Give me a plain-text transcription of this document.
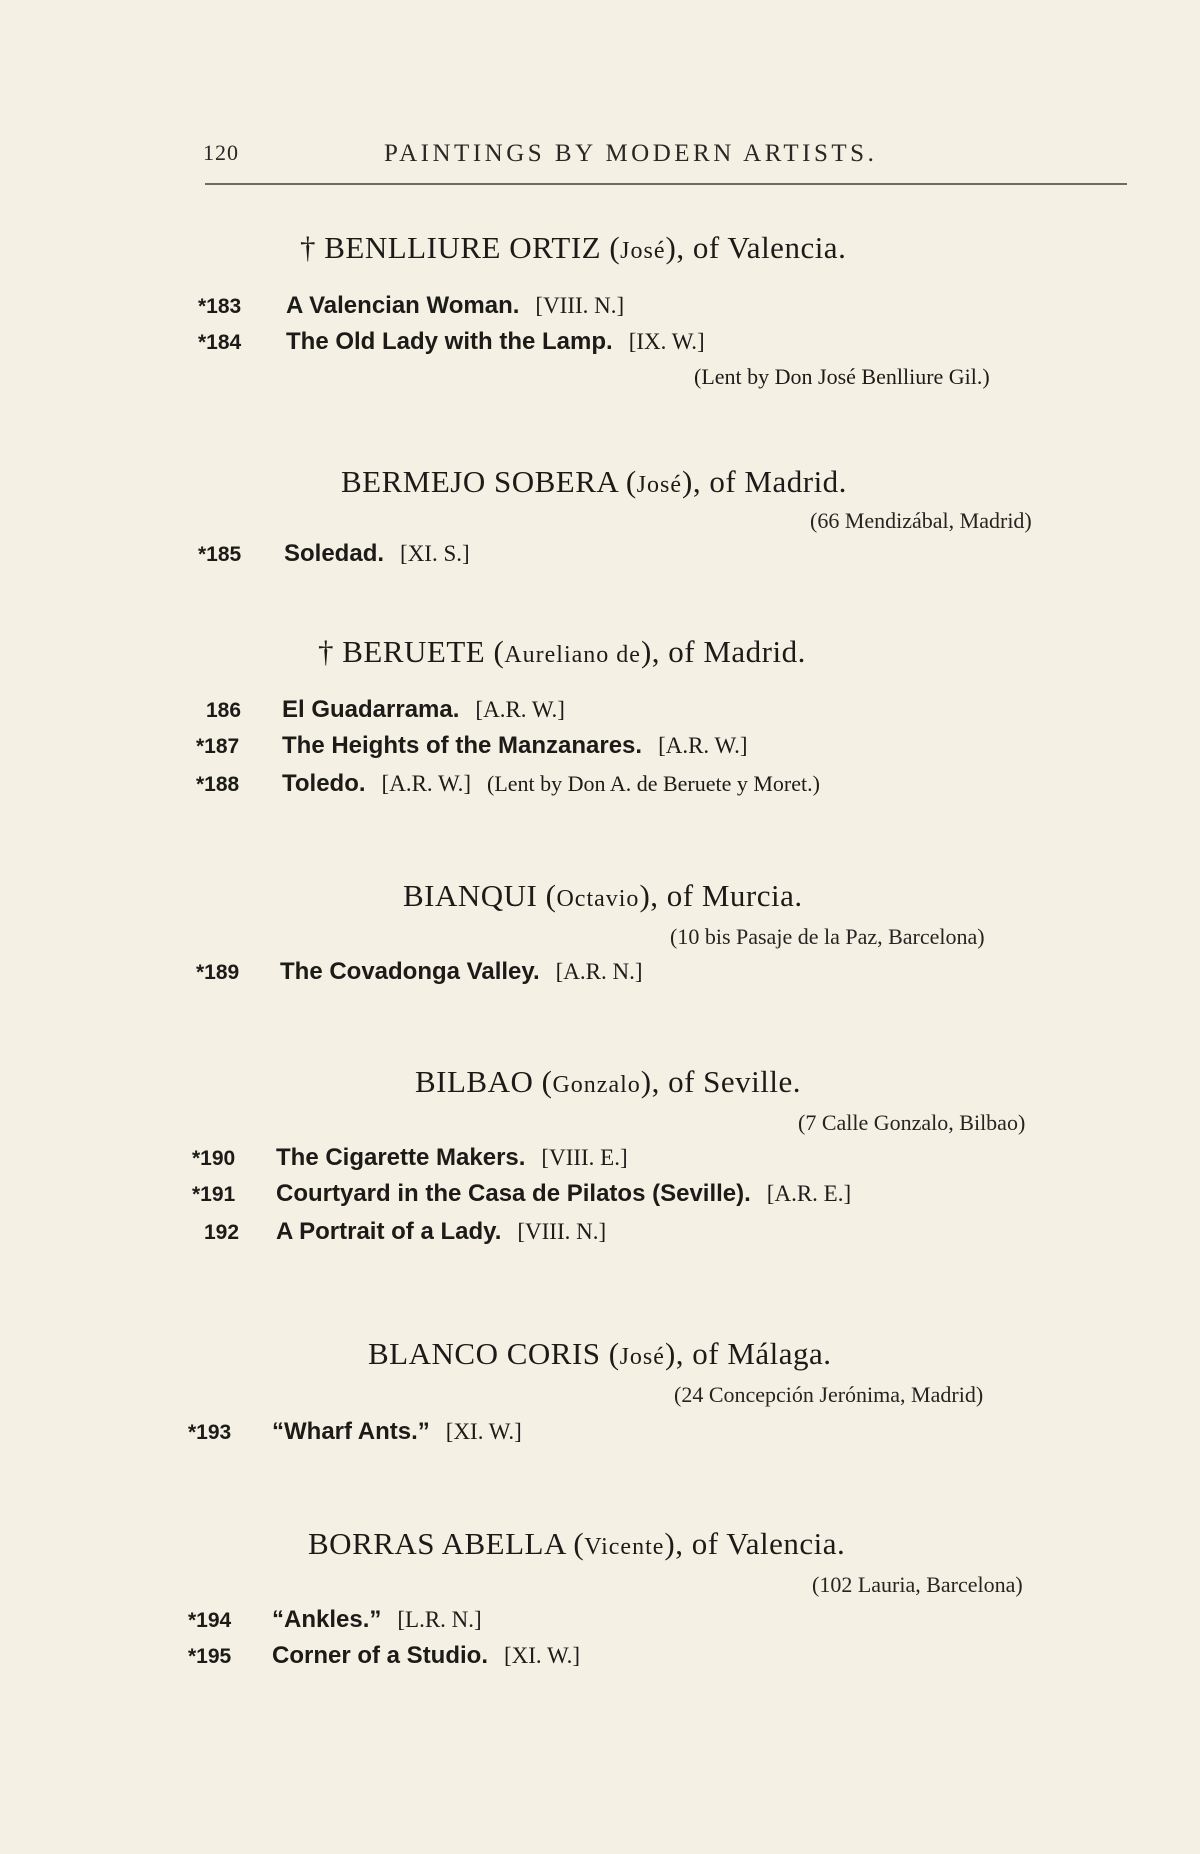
120	PAINTINGS BY MODERN ARTISTS.
† BENLLIURE ORTIZ (José), of Valencia.
*183 A Valencian Woman. [VIII. N.]
*184 The Old Lady with the Lamp. [IX. W.]
(Lent by Don José Benlliure Gil.)
BERMEJO SOBERA (José), of Madrid.
(66 Mendizábal, Madrid)
*185 Soledad. [XI. S.]
† BERUETE (Aureliano de), of Madrid.
186 El Guadarrama. [A.R. W.]
*187 The Heights of the Manzanares. [A.R. W.]
*188 Toledo. [A.R. W.] (Lent by Don A. de Beruete y Moret.)
BIANQUI (Octavio), of Murcia.
(10 bis Pasaje de la Paz, Barcelona)
*189 The Covadonga Valley. [A.R. N.]
BILBAO (Gonzalo), of Seville.
(7 Calle Gonzalo, Bilbao)
*190 The Cigarette Makers. [VIII. E.]
*191 Courtyard in the Casa de Pilatos (Seville). [A.R. E.]
192 A Portrait of a Lady. [VIII. N.]
BLANCO CORIS (José), of Málaga.
(24 Concepción Jerónima, Madrid)
*193 “Wharf Ants.” [XI. W.]
BORRAS ABELLA (Vicente), of Valencia.
(102 Lauria, Barcelona)
*194 “Ankles.” [L.R. N.]
*195 Corner of a Studio. [XI. W.]
